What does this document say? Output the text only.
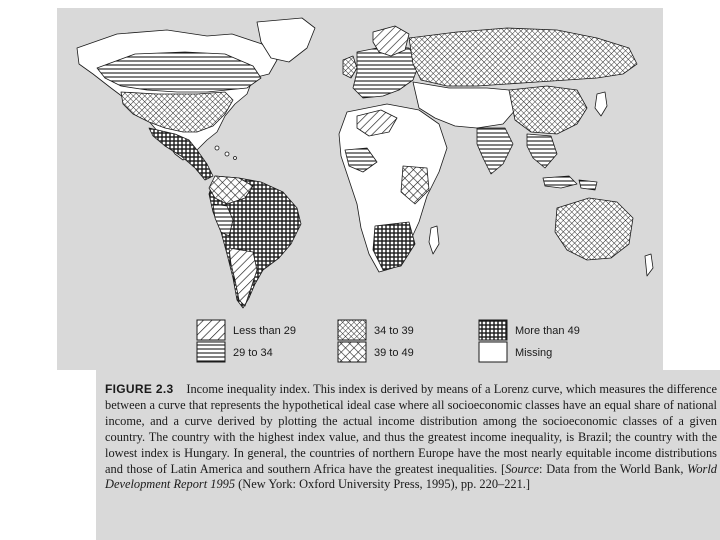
Less than 29
29 to 34
34 to 39
39 to 49
More than 49
Missing

FIGURE 2.3 Income inequality index. This index is derived by means of a Lorenz curve, which measures the difference between a curve that represents the hypothetical ideal case where all socioeconomic classes have an equal share of national income, and a curve derived by plotting the actual income distribution among the socioeconomic classes of a given country. The country with the highest index value, and thus the greatest income inequality, is Brazil; the country with the lowest index is Hungary. In general, the countries of northern Europe have the most nearly equitable income distributions and those of Latin America and southern Africa have the greatest inequalities. [Source: Data from the World Bank, World Development Report 1995 (New York: Oxford University Press, 1995), pp. 220–221.]
